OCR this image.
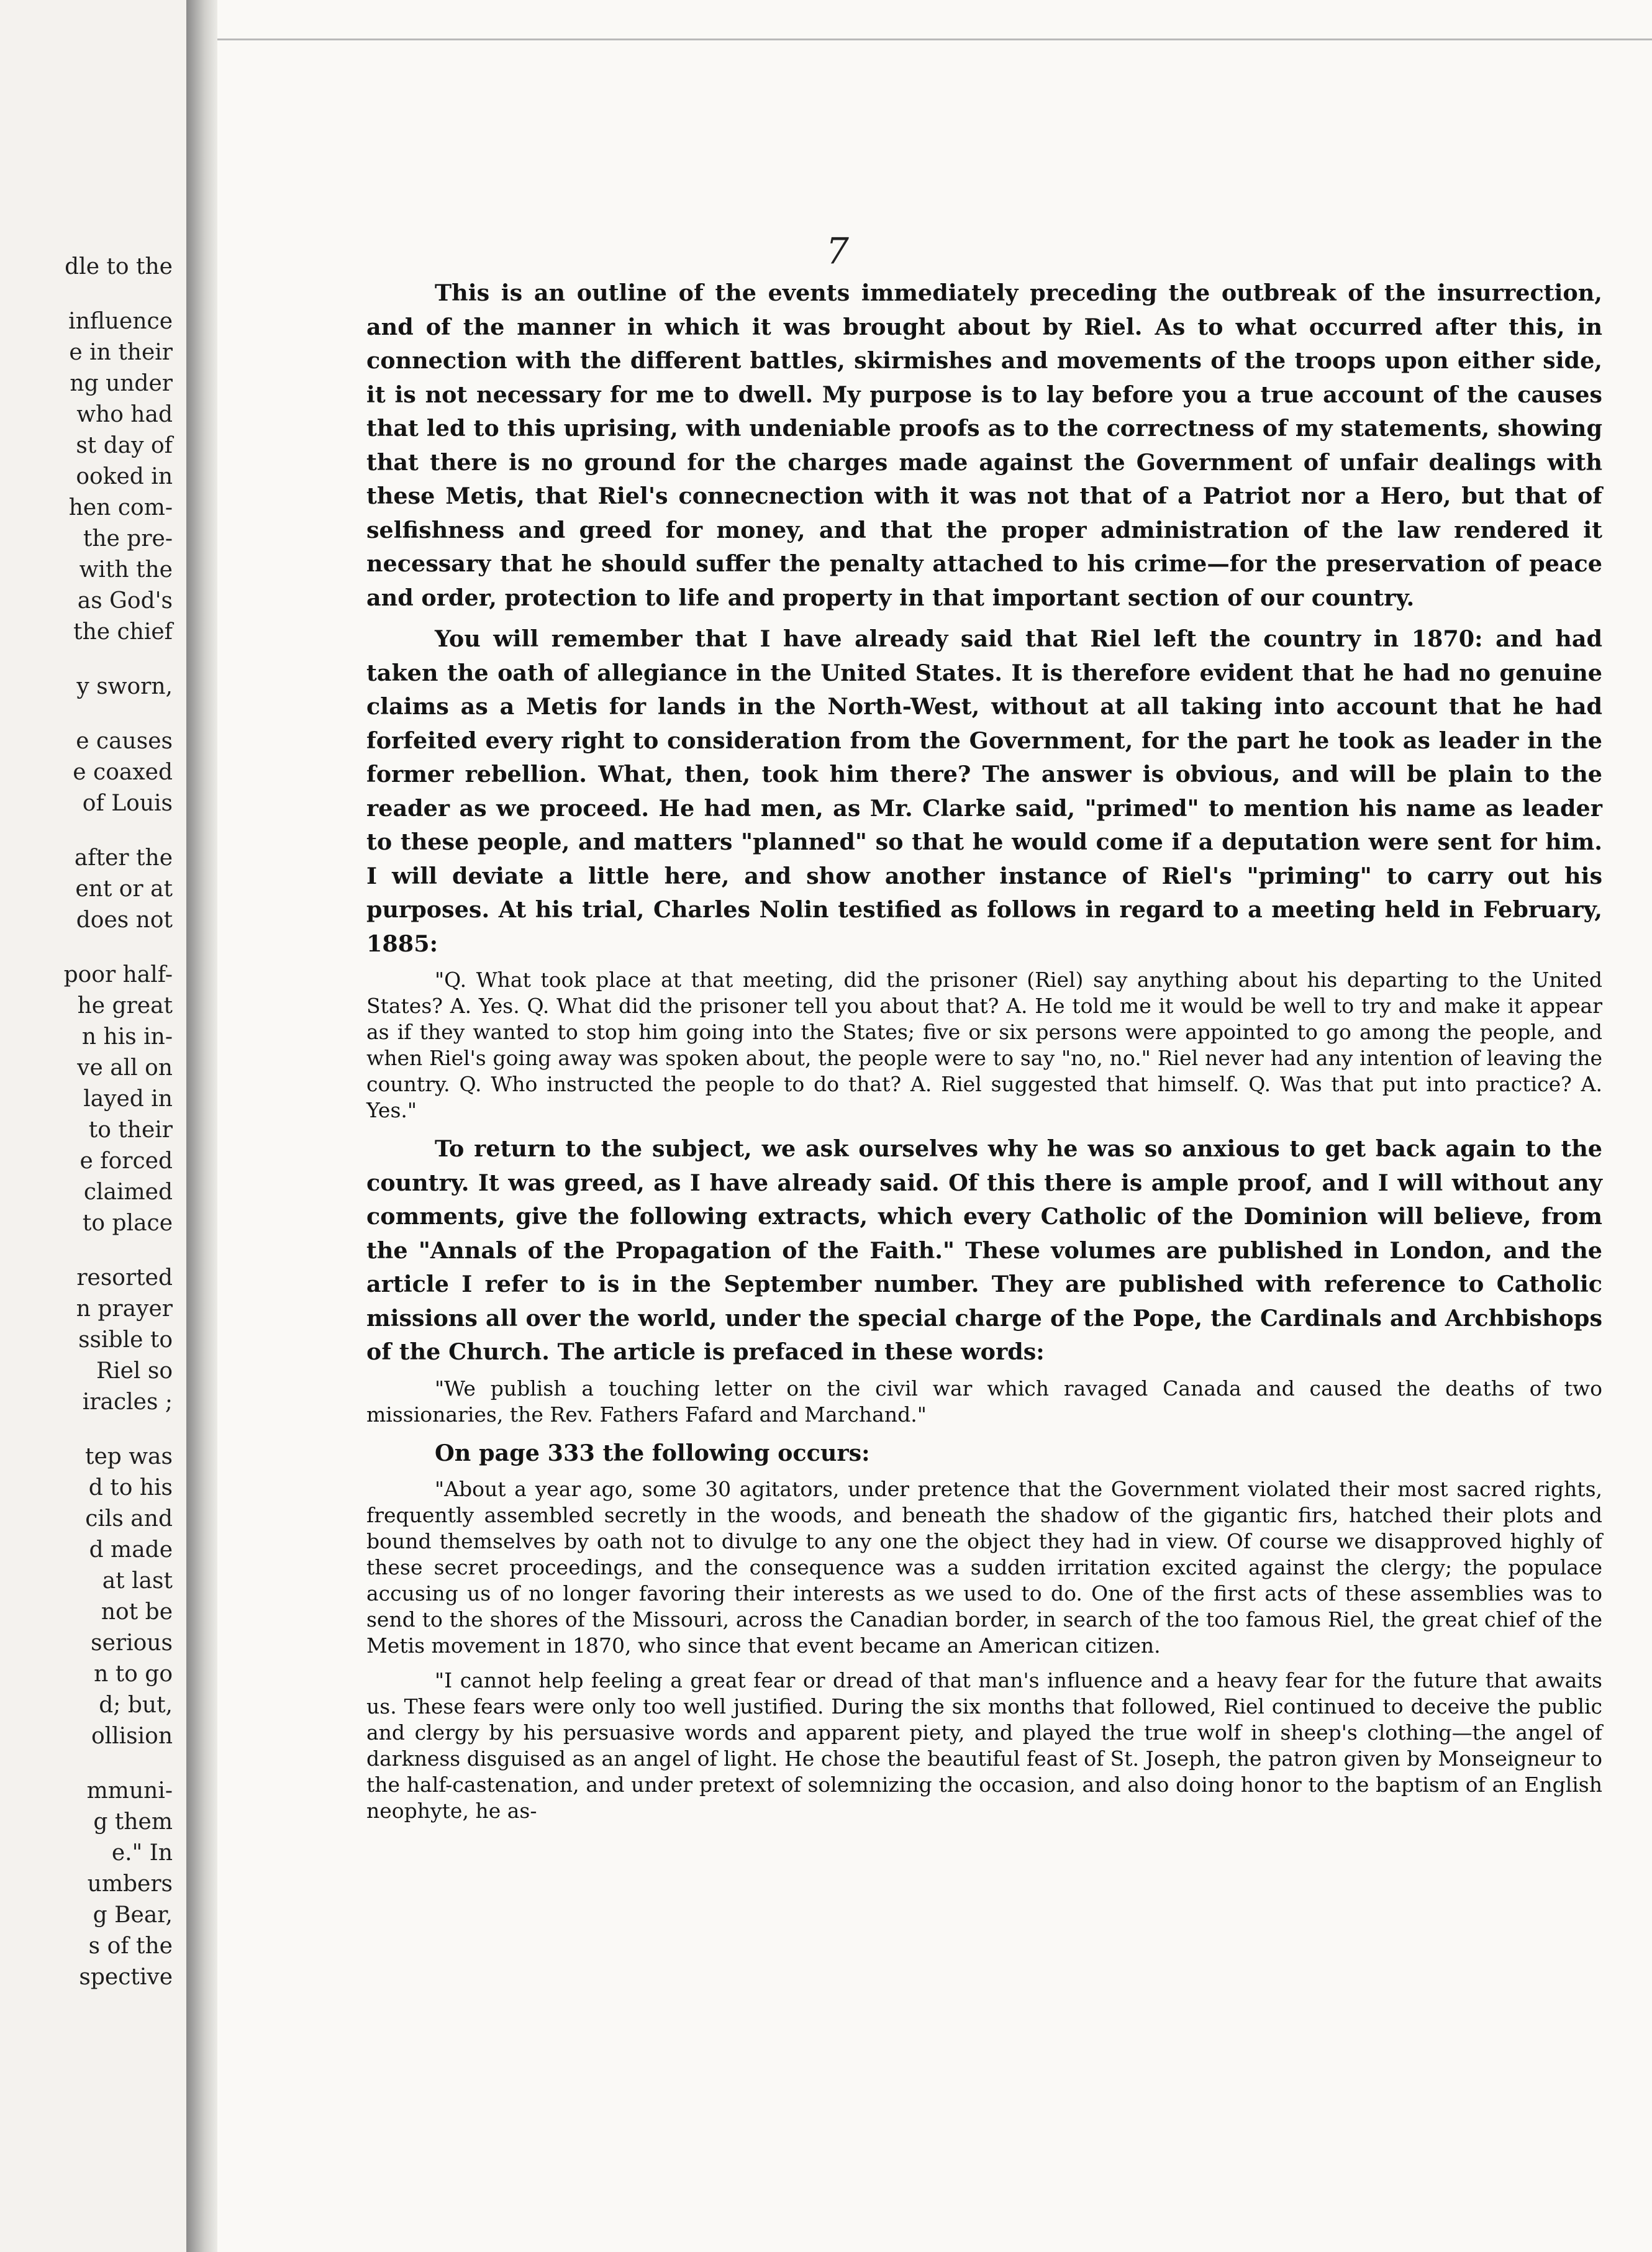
dle to the
influence
e in their
ng under
who had
st day of
ooked in
hen com-
the pre-
with the
as God's
the chief
y sworn,
e causes
e coaxed
of Louis
after the
ent or at
does not
poor half-
he great
n his in-
ve all on
layed in
to their
e forced
claimed
to place
resorted
n prayer
ssible to
Riel so
iracles ;
tep was
d to his
cils and
d made
at last
not be
serious
n to go
d; but,
ollision
mmuni-
g them
e." In
umbers
g Bear,
s of the
spective
7

This is an outline of the events immediately preceding the outbreak of the insurrection, and of the manner in which it was brought about by Riel. As to what occurred after this, in connection with the different battles, skirmishes and movements of the troops upon either side, it is not necessary for me to dwell. My purpose is to lay before you a true account of the causes that led to this uprising, with undeniable proofs as to the correctness of my statements, showing that there is no ground for the charges made against the Government of unfair dealings with these Metis, that Riel's connecnection with it was not that of a Patriot nor a Hero, but that of selfishness and greed for money, and that the proper administration of the law rendered it necessary that he should suffer the penalty attached to his crime—for the preservation of peace and order, protection to life and property in that important section of our country.

You will remember that I have already said that Riel left the country in 1870: and had taken the oath of allegiance in the United States. It is therefore evident that he had no genuine claims as a Metis for lands in the North-West, without at all taking into account that he had forfeited every right to consideration from the Government, for the part he took as leader in the former rebellion. What, then, took him there? The answer is obvious, and will be plain to the reader as we proceed. He had men, as Mr. Clarke said, "primed" to mention his name as leader to these people, and matters "planned" so that he would come if a deputation were sent for him. I will deviate a little here, and show another instance of Riel's "priming" to carry out his purposes. At his trial, Charles Nolin testified as follows in regard to a meeting held in February, 1885:

"Q. What took place at that meeting, did the prisoner (Riel) say anything about his departing to the United States? A. Yes. Q. What did the prisoner tell you about that? A. He told me it would be well to try and make it appear as if they wanted to stop him going into the States; five or six persons were appointed to go among the people, and when Riel's going away was spoken about, the people were to say "no, no." Riel never had any intention of leaving the country. Q. Who instructed the people to do that? A. Riel suggested that himself. Q. Was that put into practice? A. Yes."

To return to the subject, we ask ourselves why he was so anxious to get back again to the country. It was greed, as I have already said. Of this there is ample proof, and I will without any comments, give the following extracts, which every Catholic of the Dominion will believe, from the "Annals of the Propagation of the Faith." These volumes are published in London, and the article I refer to is in the September number. They are published with reference to Catholic missions all over the world, under the special charge of the Pope, the Cardinals and Archbishops of the Church. The article is prefaced in these words:

"We publish a touching letter on the civil war which ravaged Canada and caused the deaths of two missionaries, the Rev. Fathers Fafard and Marchand."

On page 333 the following occurs:

"About a year ago, some 30 agitators, under pretence that the Government violated their most sacred rights, frequently assembled secretly in the woods, and beneath the shadow of the gigantic firs, hatched their plots and bound themselves by oath not to divulge to any one the object they had in view. Of course we disapproved highly of these secret proceedings, and the consequence was a sudden irritation excited against the clergy; the populace accusing us of no longer favoring their interests as we used to do. One of the first acts of these assemblies was to send to the shores of the Missouri, across the Canadian border, in search of the too famous Riel, the great chief of the Metis movement in 1870, who since that event became an American citizen.
"I cannot help feeling a great fear or dread of that man's influence and a heavy fear for the future that awaits us. These fears were only too well justified. During the six months that followed, Riel continued to deceive the public and clergy by his persuasive words and apparent piety, and played the true wolf in sheep's clothing—the angel of darkness disguised as an angel of light. He chose the beautiful feast of St. Joseph, the patron given by Monseigneur to the half-castenation, and under pretext of solemnizing the occasion, and also doing honor to the baptism of an English neophyte, he as-
